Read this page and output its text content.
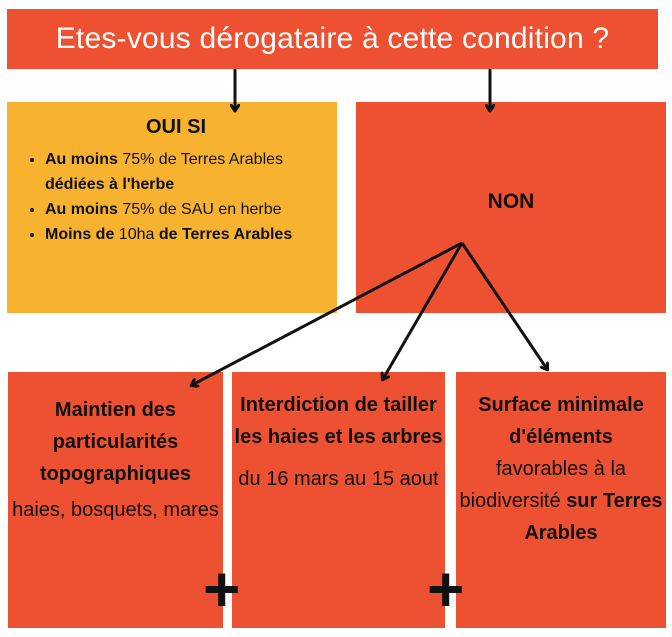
Etes-vous dérogataire à cette condition ?
OUI SI
• Au moins 75% de Terres Arables dédiées à l'herbe
• Au moins 75% de SAU en herbe
• Moins de 10ha de Terres Arables
NON

Maintien des particularités topographiques

haies, bosquets, mares

Interdiction de tailler les haies et les arbres

du 16 mars au 15 aout

Surface minimale d'éléments

favorables à la biodiversité sur Terres Arables

+	+
